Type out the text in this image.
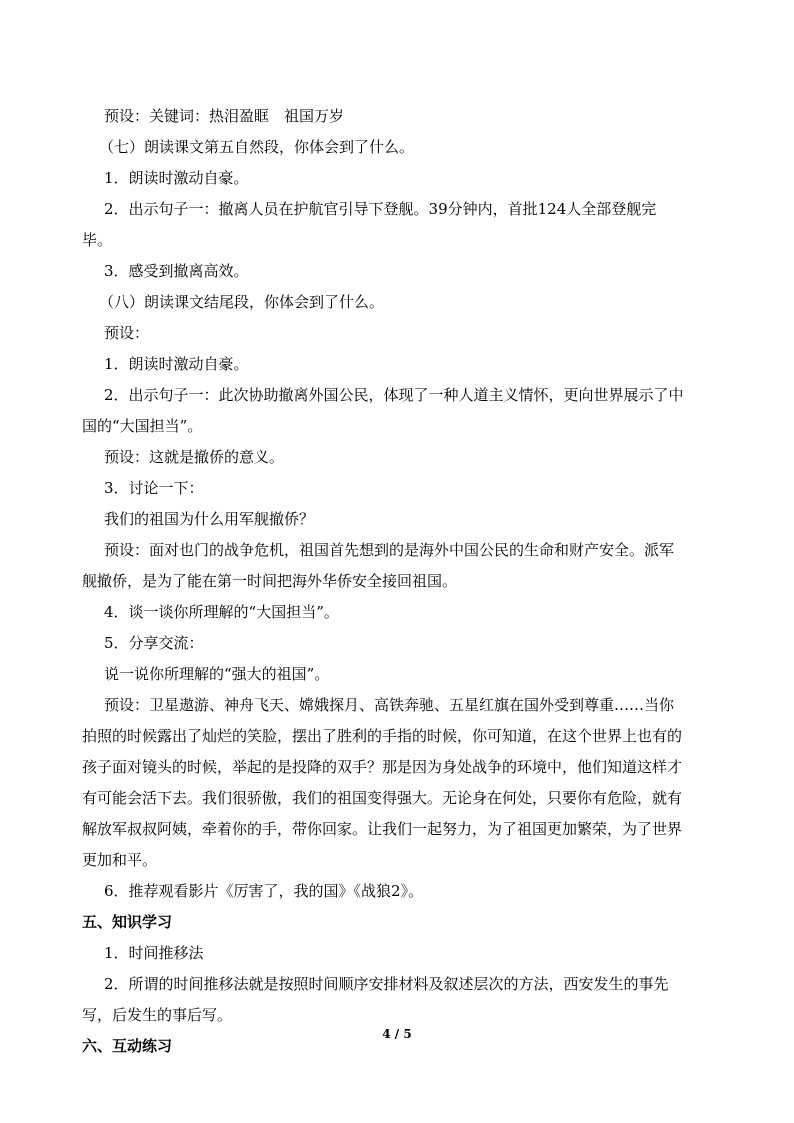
预设：关键词：热泪盈眶　祖国万岁

（七）朗读课文第五自然段，你体会到了什么。

1．朗读时激动自豪。

2．出示句子一：撤离人员在护航官引导下登舰。39分钟内，首批124人全部登舰完

毕。

3．感受到撤离高效。

（八）朗读课文结尾段，你体会到了什么。

预设：

1．朗读时激动自豪。

2．出示句子一：此次协助撤离外国公民，体现了一种人道主义情怀，更向世界展示了中

国的“大国担当”。

预设：这就是撤侨的意义。

3．讨论一下：

我们的祖国为什么用军舰撤侨？

预设：面对也门的战争危机，祖国首先想到的是海外中国公民的生命和财产安全。派军

舰撤侨，是为了能在第一时间把海外华侨安全接回祖国。

4．谈一谈你所理解的“大国担当”。

5．分享交流：

说一说你所理解的“强大的祖国”。

预设：卫星遨游、神舟飞天、嫦娥探月、高铁奔驰、五星红旗在国外受到尊重……当你

拍照的时候露出了灿烂的笑脸，摆出了胜利的手指的时候，你可知道，在这个世界上也有的

孩子面对镜头的时候，举起的是投降的双手？那是因为身处战争的环境中，他们知道这样才

有可能会活下去。我们很骄傲，我们的祖国变得强大。无论身在何处，只要你有危险，就有

解放军叔叔阿姨，牵着你的手，带你回家。让我们一起努力，为了祖国更加繁荣，为了世界

更加和平。

6．推荐观看影片《厉害了，我的国》《战狼2》。

五、知识学习

1．时间推移法

2．所谓的时间推移法就是按照时间顺序安排材料及叙述层次的方法，西安发生的事先

写，后发生的事后写。

六、互动练习

4 / 5
